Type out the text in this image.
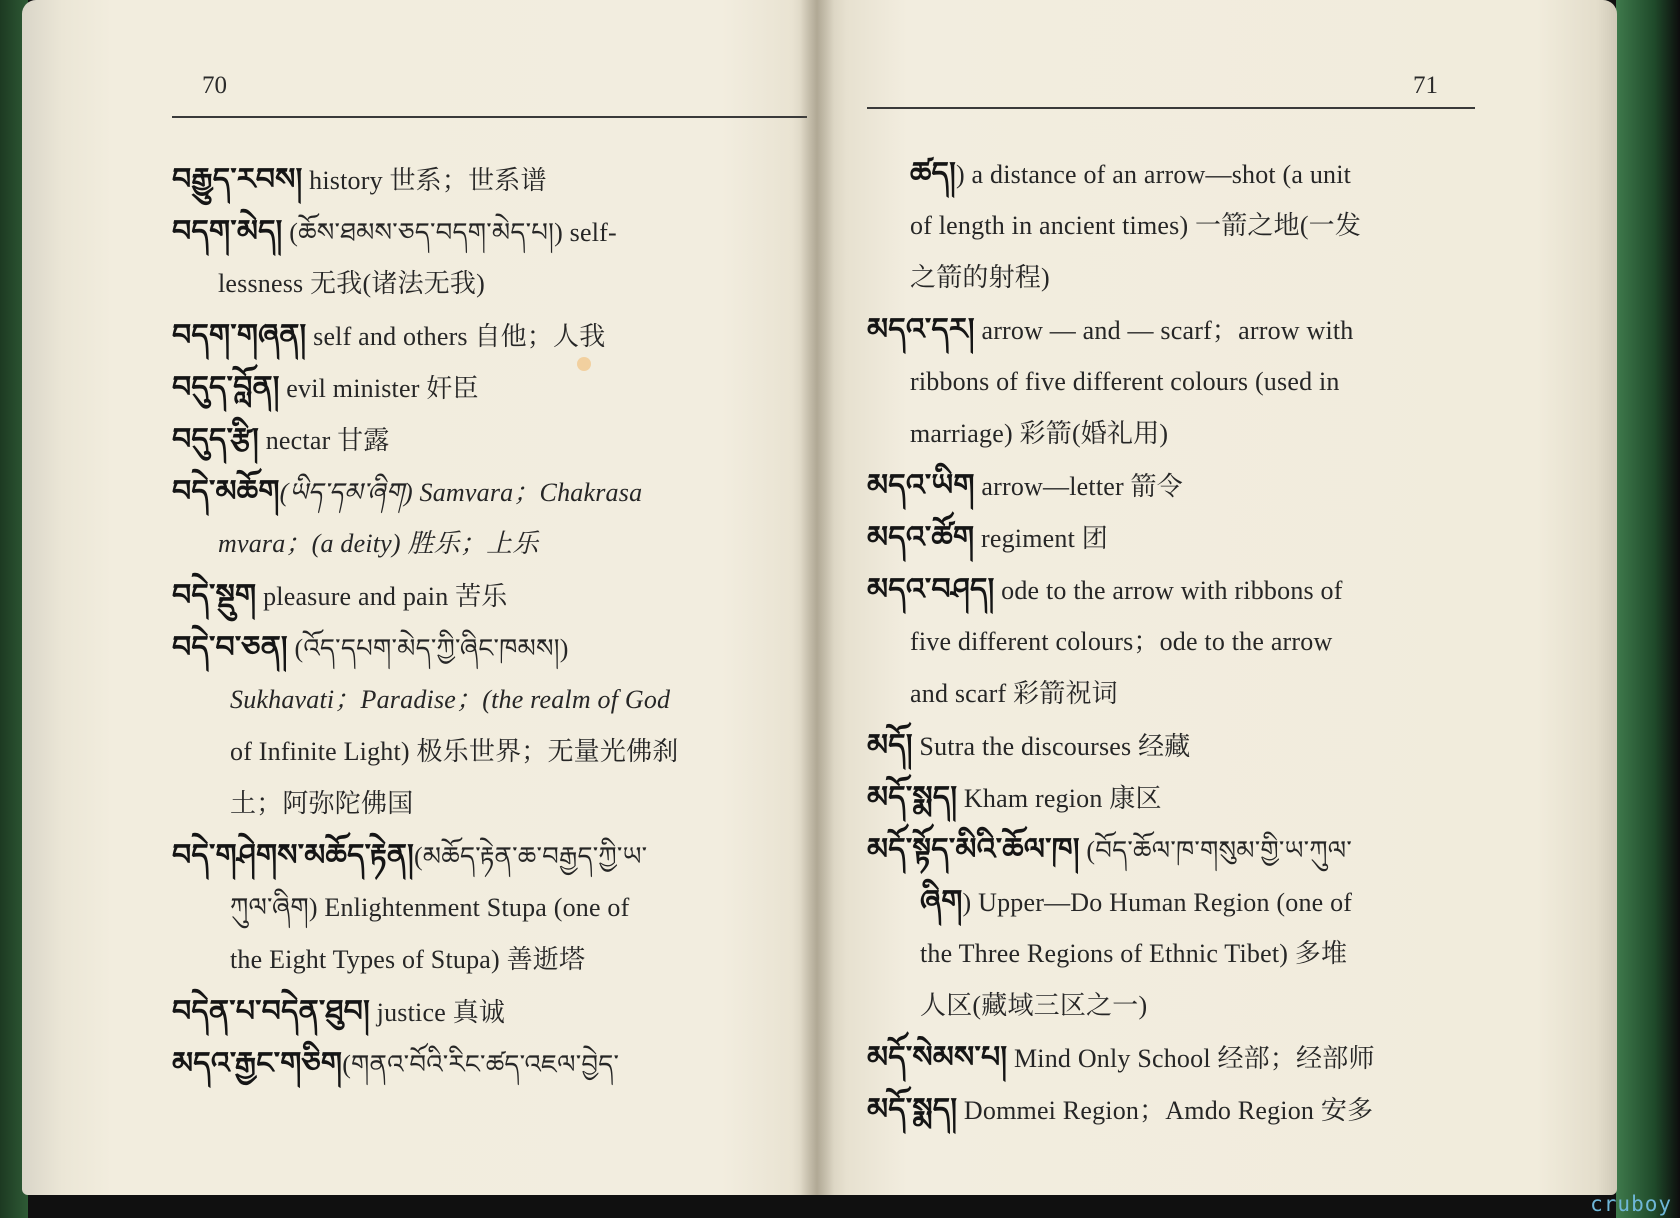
70
བརྒྱུད་རབས། history 世系；世系谱
བདག་མེད། (ཆོས་ཐམས་ཅད་བདག་མེད་པ།) self-
lessness 无我(诸法无我)
བདག་གཞན། self and others 自他；人我
བདུད་བློན། evil minister 奸臣
བདུད་རྩི། nectar 甘露
བདེ་མཆོག(ཡིད་དམ་ཞིག) Samvara；Chakrasa
mvara；(a deity) 胜乐；上乐
བདེ་སྡུག pleasure and pain 苦乐
བདེ་བ་ཅན། (འོད་དཔག་མེད་ཀྱི་ཞིང་ཁམས།)
Sukhavati；Paradise；(the realm of God
of Infinite Light) 极乐世界；无量光佛刹
土；阿弥陀佛国
བདེ་གཤེགས་མཆོད་རྟེན།(མཆོད་རྟེན་ཆ་བརྒྱད་ཀྱི་ཡ་
ཀུལ་ཞིག) Enlightenment Stupa (one of
the Eight Types of Stupa) 善逝塔
བདེན་པ་བདེན་ཐུབ། justice 真诚
མདའ་རྒྱང་གཅིག(གནའ་བོའི་རིང་ཚད་འཇལ་བྱེད་
71
ཚད།) a distance of an arrow—shot (a unit
of length in ancient times) 一箭之地(一发
之箭的射程)
མདའ་དར། arrow — and — scarf；arrow with
ribbons of five different colours (used in
marriage) 彩箭(婚礼用)
མདའ་ཡིག arrow—letter 箭令
མདའ་ཚོག regiment 团
མདའ་བཤད། ode to the arrow with ribbons of
five different colours；ode to the arrow
and scarf 彩箭祝词
མདོ། Sutra the discourses 经藏
མདོ་སྨད། Kham region 康区
མདོ་སྟོད་མིའི་ཆོལ་ཁ། (བོད་ཆོལ་ཁ་གསུམ་གྱི་ཡ་ཀུལ་
ཞིག) Upper—Do Human Region (one of
the Three Regions of Ethnic Tibet) 多堆
人区(藏域三区之一)
མདོ་སེམས་པ། Mind Only School 经部；经部师
མདོ་སྨད། Dommei Region；Amdo Region 安多
cruboy
